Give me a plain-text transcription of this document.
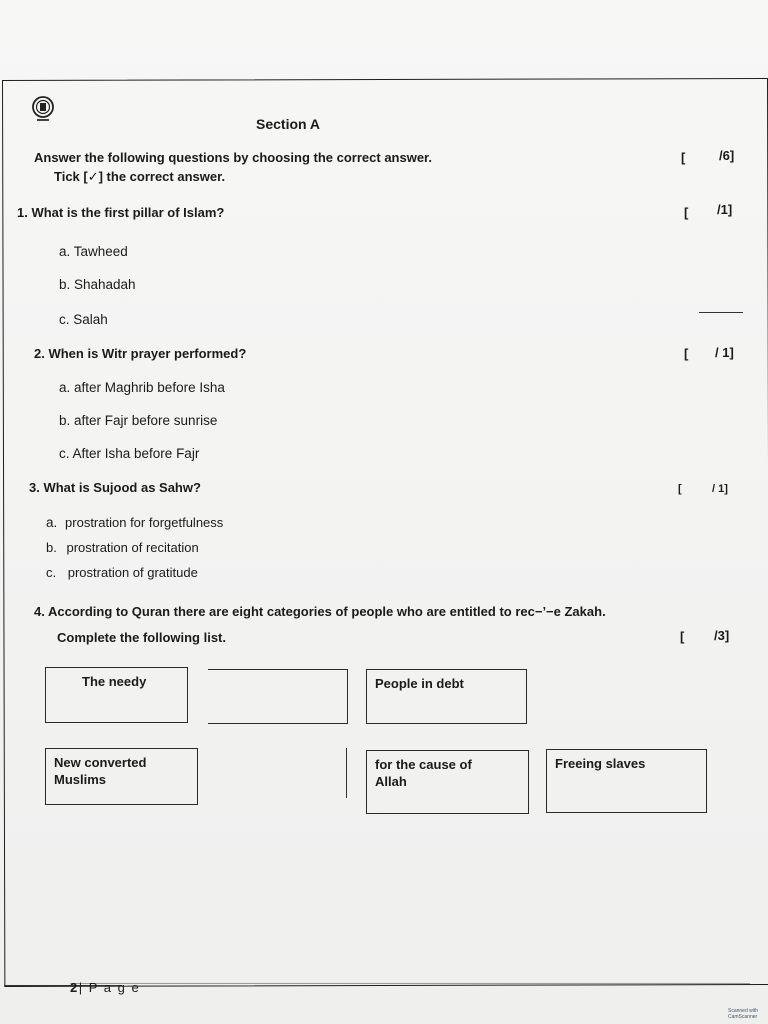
Section A
Answer the following questions by choosing the correct answer.
Tick [✓] the correct answer.
[	/6]
1. What is the first pillar of Islam?	[ /1]
a. Tawheed
b. Shahadah
c. Salah
2. When is Witr prayer performed?	[ / 1]
a. after Maghrib before Isha
b. after Fajr before sunrise
c. After Isha before Fajr
3. What is Sujood as Sahw?	[	/ 1]
a. prostration for forgetfulness
b. prostration of recitation
c. prostration of gratitude
4. According to Quran there are eight categories of people who are entitled to rec−’−e Zakah.
Complete the following list.	[ /3]
The needy	People in debt
New converted Muslims
for the cause of Allah
Freeing slaves
2| P a g e
Scanned with CamScanner
